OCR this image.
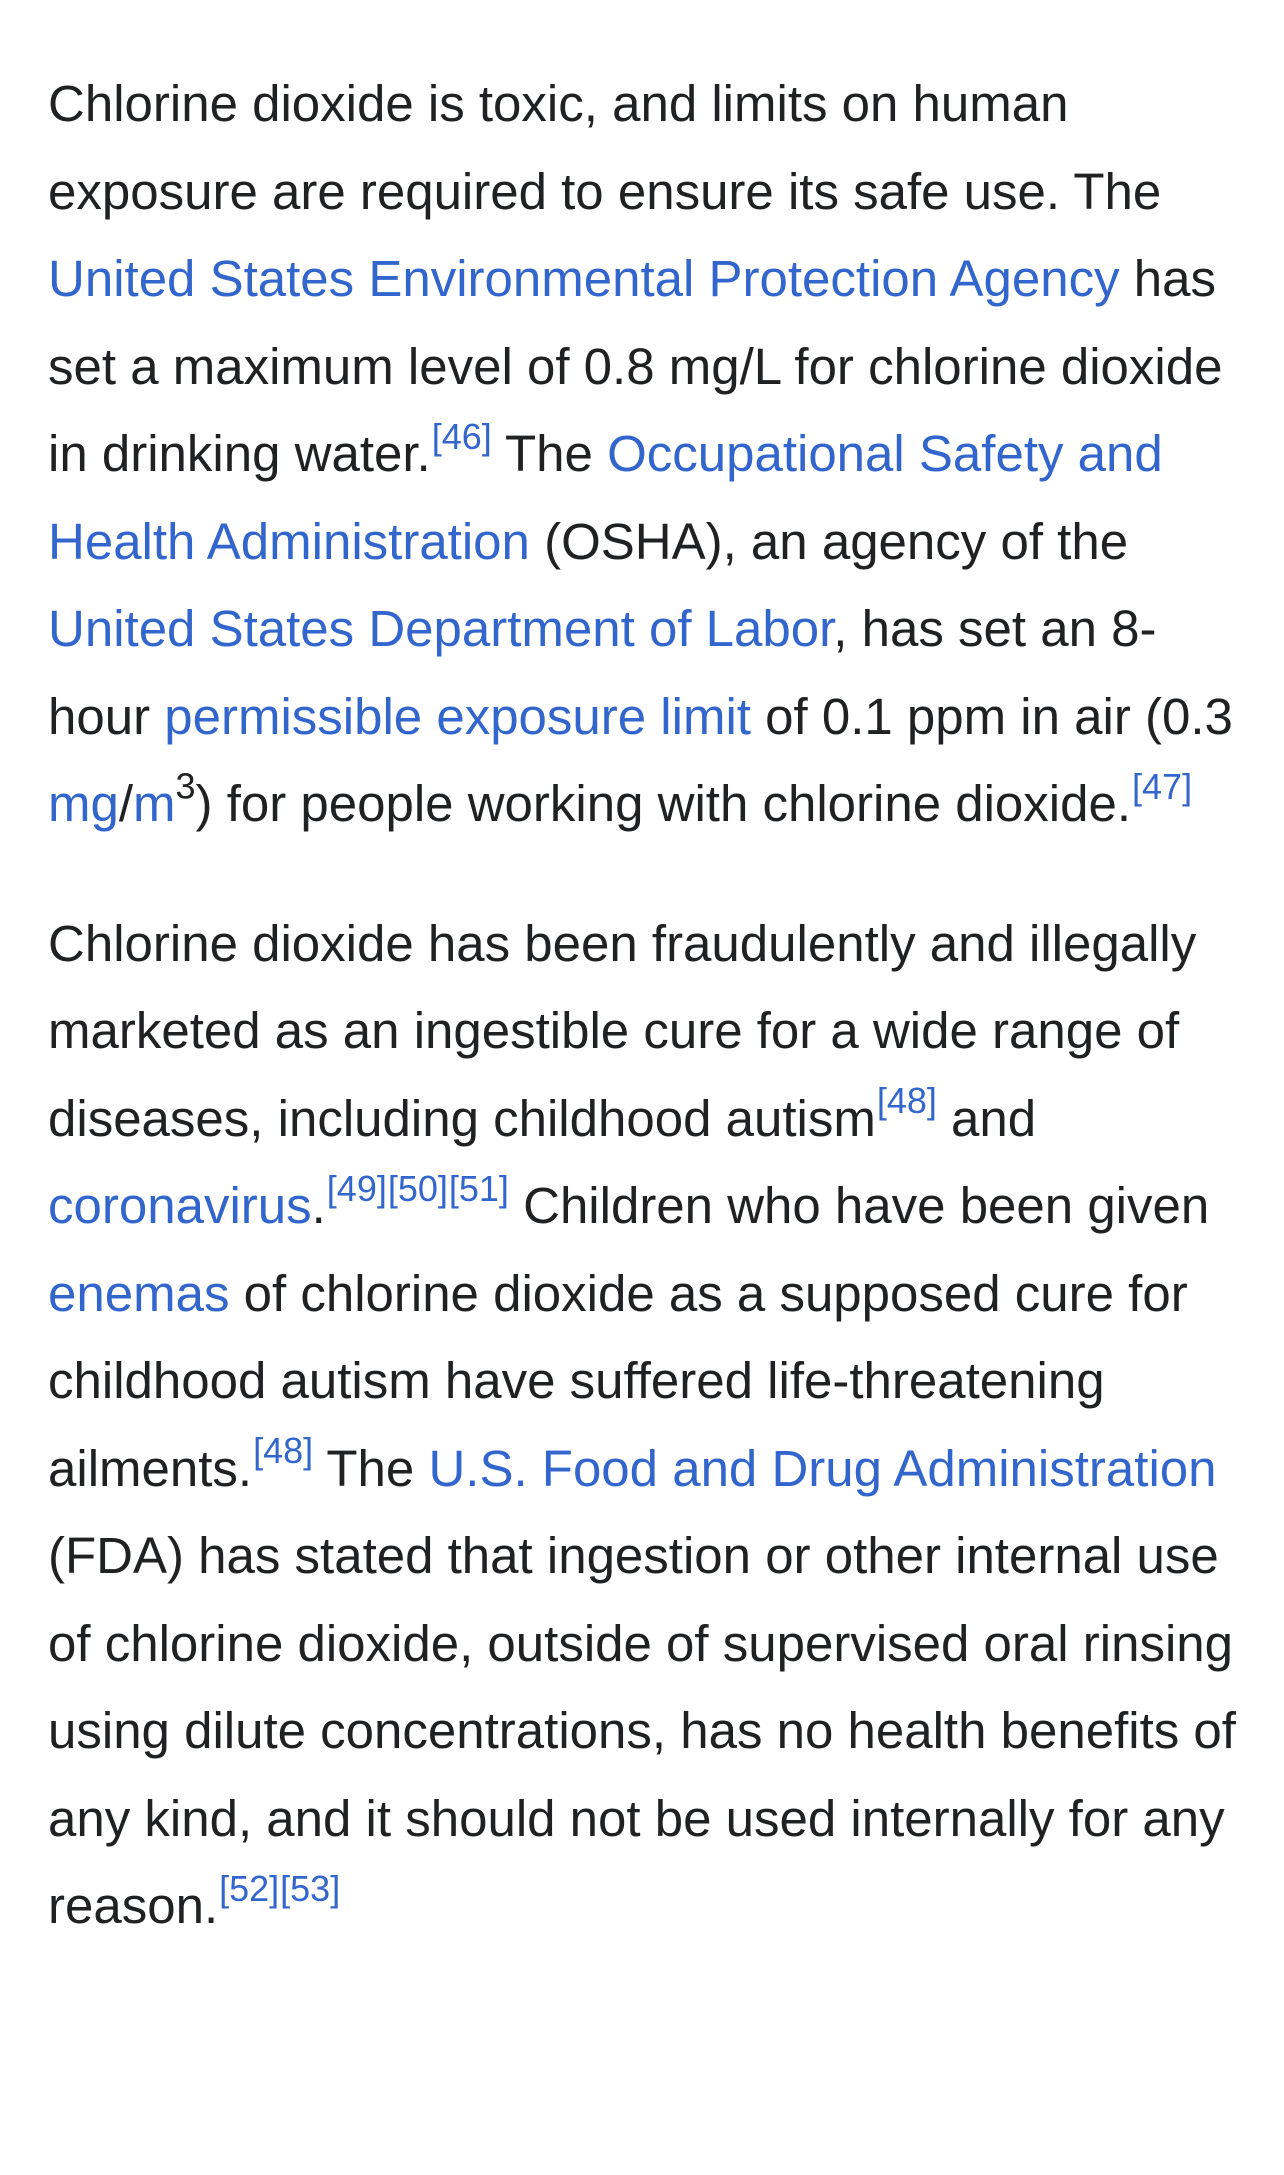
Chlorine dioxide is toxic, and limits on human exposure are required to ensure its safe use. The United States Environmental Protection Agency has set a maximum level of 0.8 mg/L for chlorine dioxide in drinking water.[46] The Occupational Safety and Health Administration (OSHA), an agency of the United States Department of Labor, has set an 8-hour permissible exposure limit of 0.1 ppm in air (0.3 $mg/m^3$) for people working with chlorine dioxide.[47]

Chlorine dioxide has been fraudulently and illegally marketed as an ingestible cure for a wide range of diseases, including childhood autism[48] and coronavirus.[49][50][51] Children who have been given enemas of chlorine dioxide as a supposed cure for childhood autism have suffered life-threatening ailments.[48] The U.S. Food and Drug Administration (FDA) has stated that ingestion or other internal use of chlorine dioxide, outside of supervised oral rinsing using dilute concentrations, has no health benefits of any kind, and it should not be used internally for any reason.[52][53]
